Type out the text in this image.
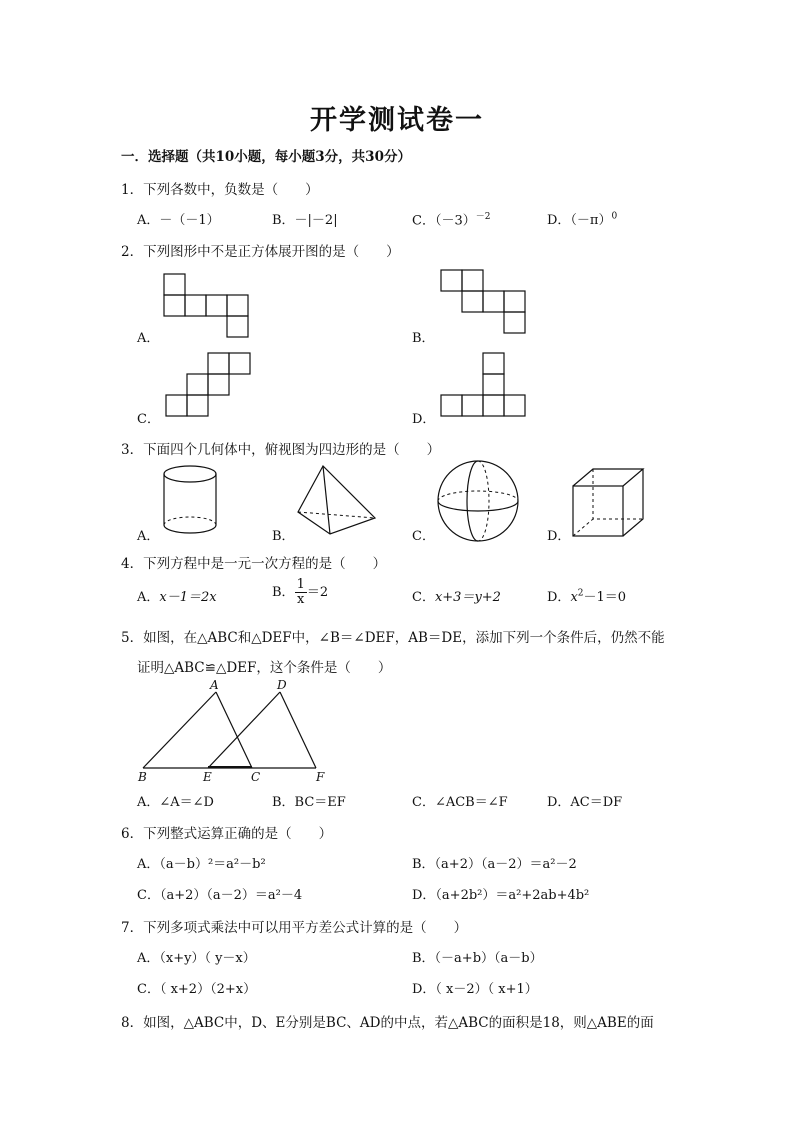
开学测试卷一
一．选择题（共10小题，每小题3分，共30分）
1．下列各数中，负数是（　　）
A．－（－1）	B．－|－2|	C．$(-3)^{-2}$	D．$(-\pi)^0$
2．下列图形中不是正方体展开图的是（　　）
A．	B．
C．	D．
3．下面四个几何体中，俯视图为四边形的是（　　）
A．	B．	C．	D．
4．下列方程中是一元一次方程的是（　　）
A．x－1＝2x	B． $\frac{1}{x} =2$	C．x+3＝y+2	D．$x^2-1=0$
5．如图，在△ABC和△DEF中，∠B＝∠DEF，AB＝DE，添加下列一个条件后，仍然不能
证明△ABC≌△DEF，这个条件是（　　）
A	D
B	E	C	F
A．∠A＝∠D	B．BC＝EF	C．∠ACB＝∠F	D．AC＝DF
6．下列整式运算正确的是（　　）
A．（a－b）²＝a²－b²	B．（a+2）（a－2）＝a²－2
C．（a+2）（a－2）＝a²－4	D．（a+2b²）＝a²+2ab+4b²
7．下列多项式乘法中可以用平方差公式计算的是（　　）
A．（x+y）（ y－x）	B．（－a+b）（a－b）
C．（ x+2）（2+x）	D．（ x－2）（ x+1）
8．如图，△ABC中，D、E分别是BC、AD的中点，若△ABC的面积是18，则△ABE的面
